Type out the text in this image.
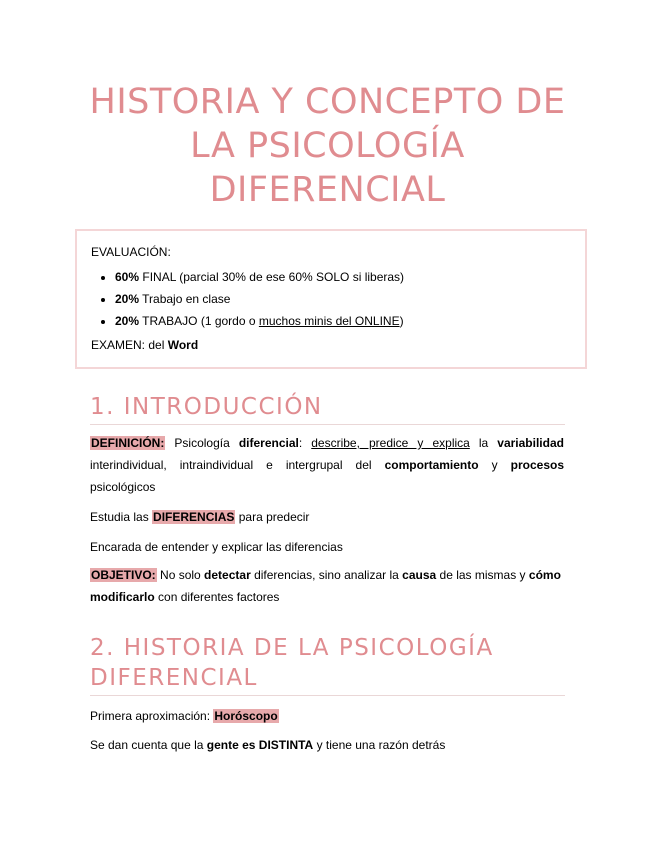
HISTORIA Y CONCEPTO DE
LA PSICOLOGÍA
DIFERENCIAL

EVALUACIÓN:

• 60% FINAL (parcial 30% de ese 60% SOLO si liberas)
• 20% Trabajo en clase
• 20% TRABAJO (1 gordo o muchos minis del ONLINE)

EXAMEN: del Word

1. INTRODUCCIÓN

DEFINICIÓN: Psicología diferencial: describe, predice y explica la variabilidad interindividual, intraindividual e intergrupal del comportamiento y procesos psicológicos

Estudia las DIFERENCIAS para predecir

Encarada de entender y explicar las diferencias

OBJETIVO: No solo detectar diferencias, sino analizar la causa de las mismas y cómo modificarlo con diferentes factores

2. HISTORIA DE LA PSICOLOGÍA
DIFERENCIAL

Primera aproximación: Horóscopo

Se dan cuenta que la gente es DISTINTA y tiene una razón detrás
